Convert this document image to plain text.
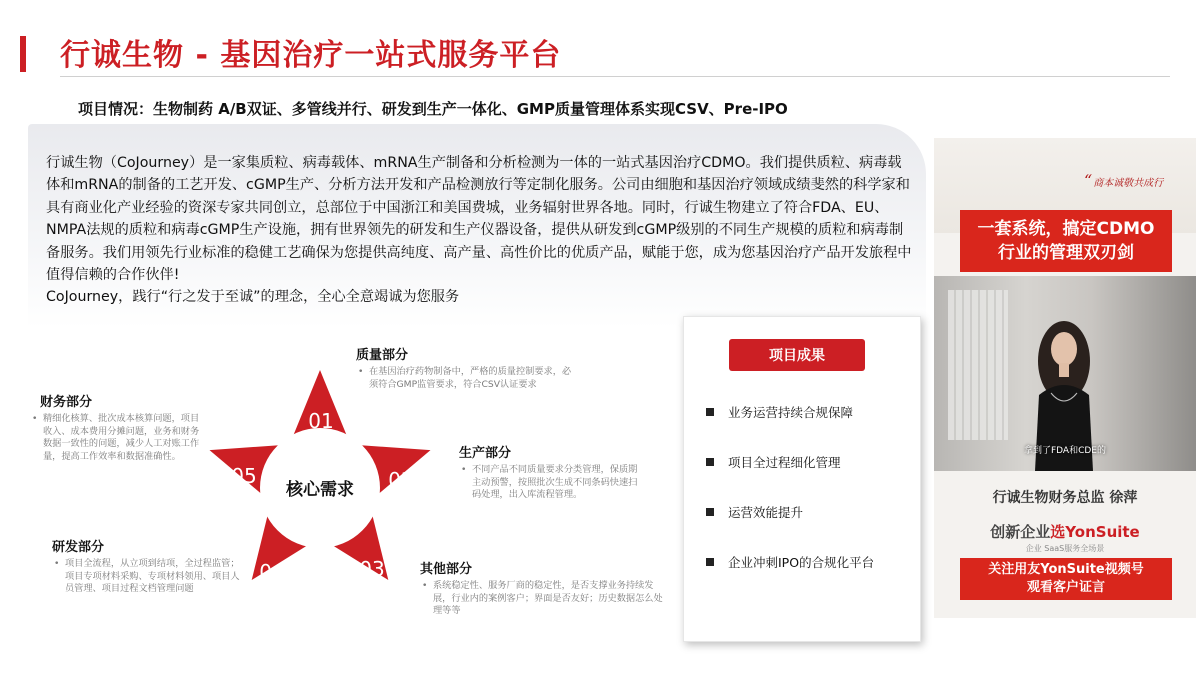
行诚生物 - 基因治疗一站式服务平台
项目情况：生物制药 A/B双证、多管线并行、研发到生产一体化、GMP质量管理体系实现CSV、Pre-IPO

行诚生物（CoJourney）是一家集质粒、病毒载体、mRNA生产制备和分析检测为一体的一站式基因治疗CDMO。我们提供质粒、病毒载体和mRNA的制备的工艺开发、cGMP生产、分析方法开发和产品检测放行等定制化服务。公司由细胞和基因治疗领域成绩斐然的科学家和具有商业化产业经验的资深专家共同创立，总部位于中国浙江和美国费城，业务辐射世界各地。同时，行诚生物建立了符合FDA、EU、NMPA法规的质粒和病毒cGMP生产设施，拥有世界领先的研发和生产仪器设备，提供从研发到cGMP级别的不同生产规模的质粒和病毒制备服务。我们用领先行业标准的稳健工艺确保为您提供高纯度、高产量、高性价比的优质产品，赋能于您，成为您基因治疗产品开发旅程中值得信赖的合作伙伴!

CoJourney，践行“行之发于至诚”的理念，全心全意竭诚为您服务

核心需求
01
02
03
04
05
质量部分
• 在基因治疗药物制备中，严格的质量控制要求，必须符合GMP监管要求，符合CSV认证要求
生产部分
• 不同产品不同质量要求分类管理，保质期主动预警，按照批次生成不同条码快速扫码处理，出入库流程管理。
其他部分
• 系统稳定性、服务厂商的稳定性，是否支撑业务持续发展，行业内的案例客户；界面是否友好；历史数据怎么处理等等
研发部分
• 项目全流程，从立项到结项，全过程监管；项目专项材料采购、专项材料领用、项目人员管理、项目过程文档管理问题
财务部分
• 精细化核算、批次成本核算问题，项目收入、成本费用分摊问题，业务和财务数据一致性的问题，减少人工对账工作量，提高工作效率和数据准确性。
项目成果
业务运营持续合规保障
项目全过程细化管理
运营效能提升
企业冲刺IPO的合规化平台
“ 商本诚敬共成行
一套系统，搞定CDMO
行业的管理双刃剑
拿到了FDA和CDE的
行诚生物财务总监 徐萍
创新企业选YonSuite
企业 SaaS服务全场景
关注用友YonSuite视频号
观看客户证言
